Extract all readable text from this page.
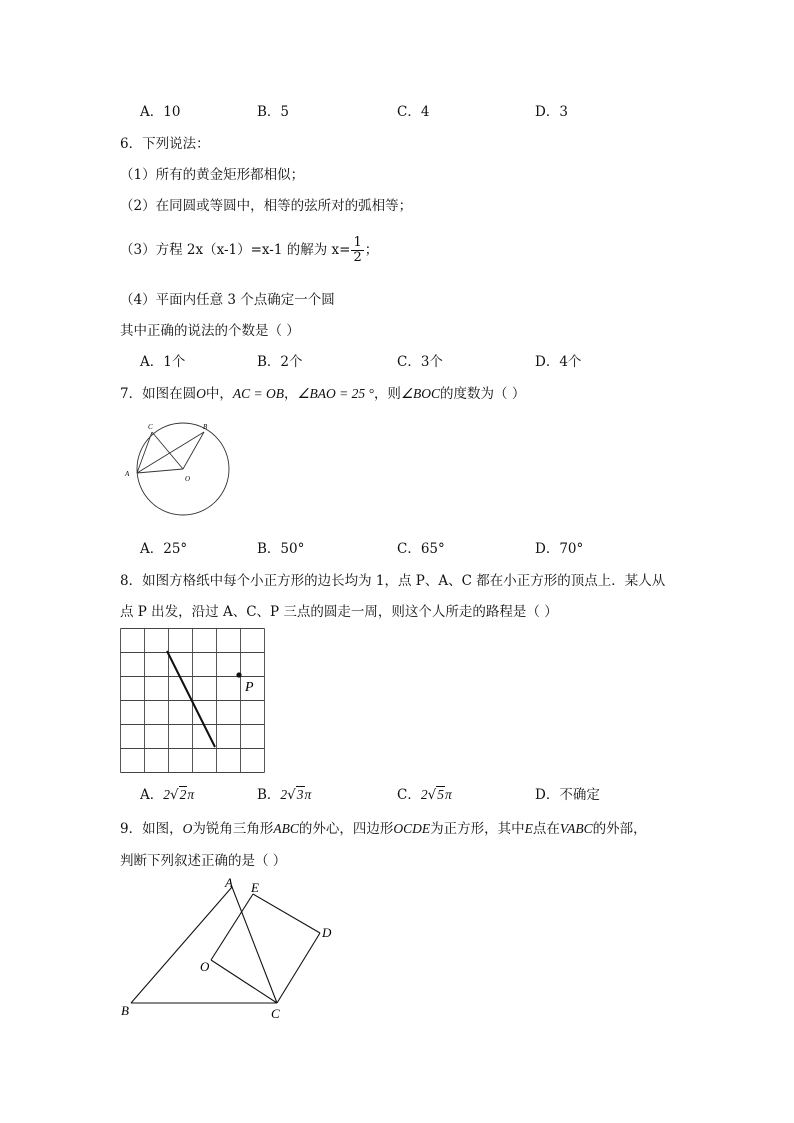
A．10	B．5	C．4	D．3
6．下列说法：
（1）所有的黄金矩形都相似；
（2）在同圆或等圆中，相等的弦所对的弧相等；
（3）方程 2x（x-1）=x-1 的解为 $x= \frac{1}{2}$ ；
（4）平面内任意 3 个点确定一个圆
其中正确的说法的个数是（ ）
A．1个	B．2个	C．3个	D．4个
7．如图在圆O中，AC = OB，∠BAO = 25 °，则∠BOC的度数为（ ）
A
C	B
O
A．25°	B．50°	C．65°	D．70°
8．如图方格纸中每个小正方形的边长均为 1，点 P、A、C 都在小正方形的顶点上．某人从
点 P 出发，沿过 A、C、P 三点的圆走一周，则这个人所走的路程是（ ）
P
A．2√2π	B．2√3π	C．2√5π	D．不确定
9．如图，O为锐角三角形ABC的外心，四边形OCDE为正方形，其中E点在VABC的外部，
判断下列叙述正确的是（ ）
A E
D
O
B	C
